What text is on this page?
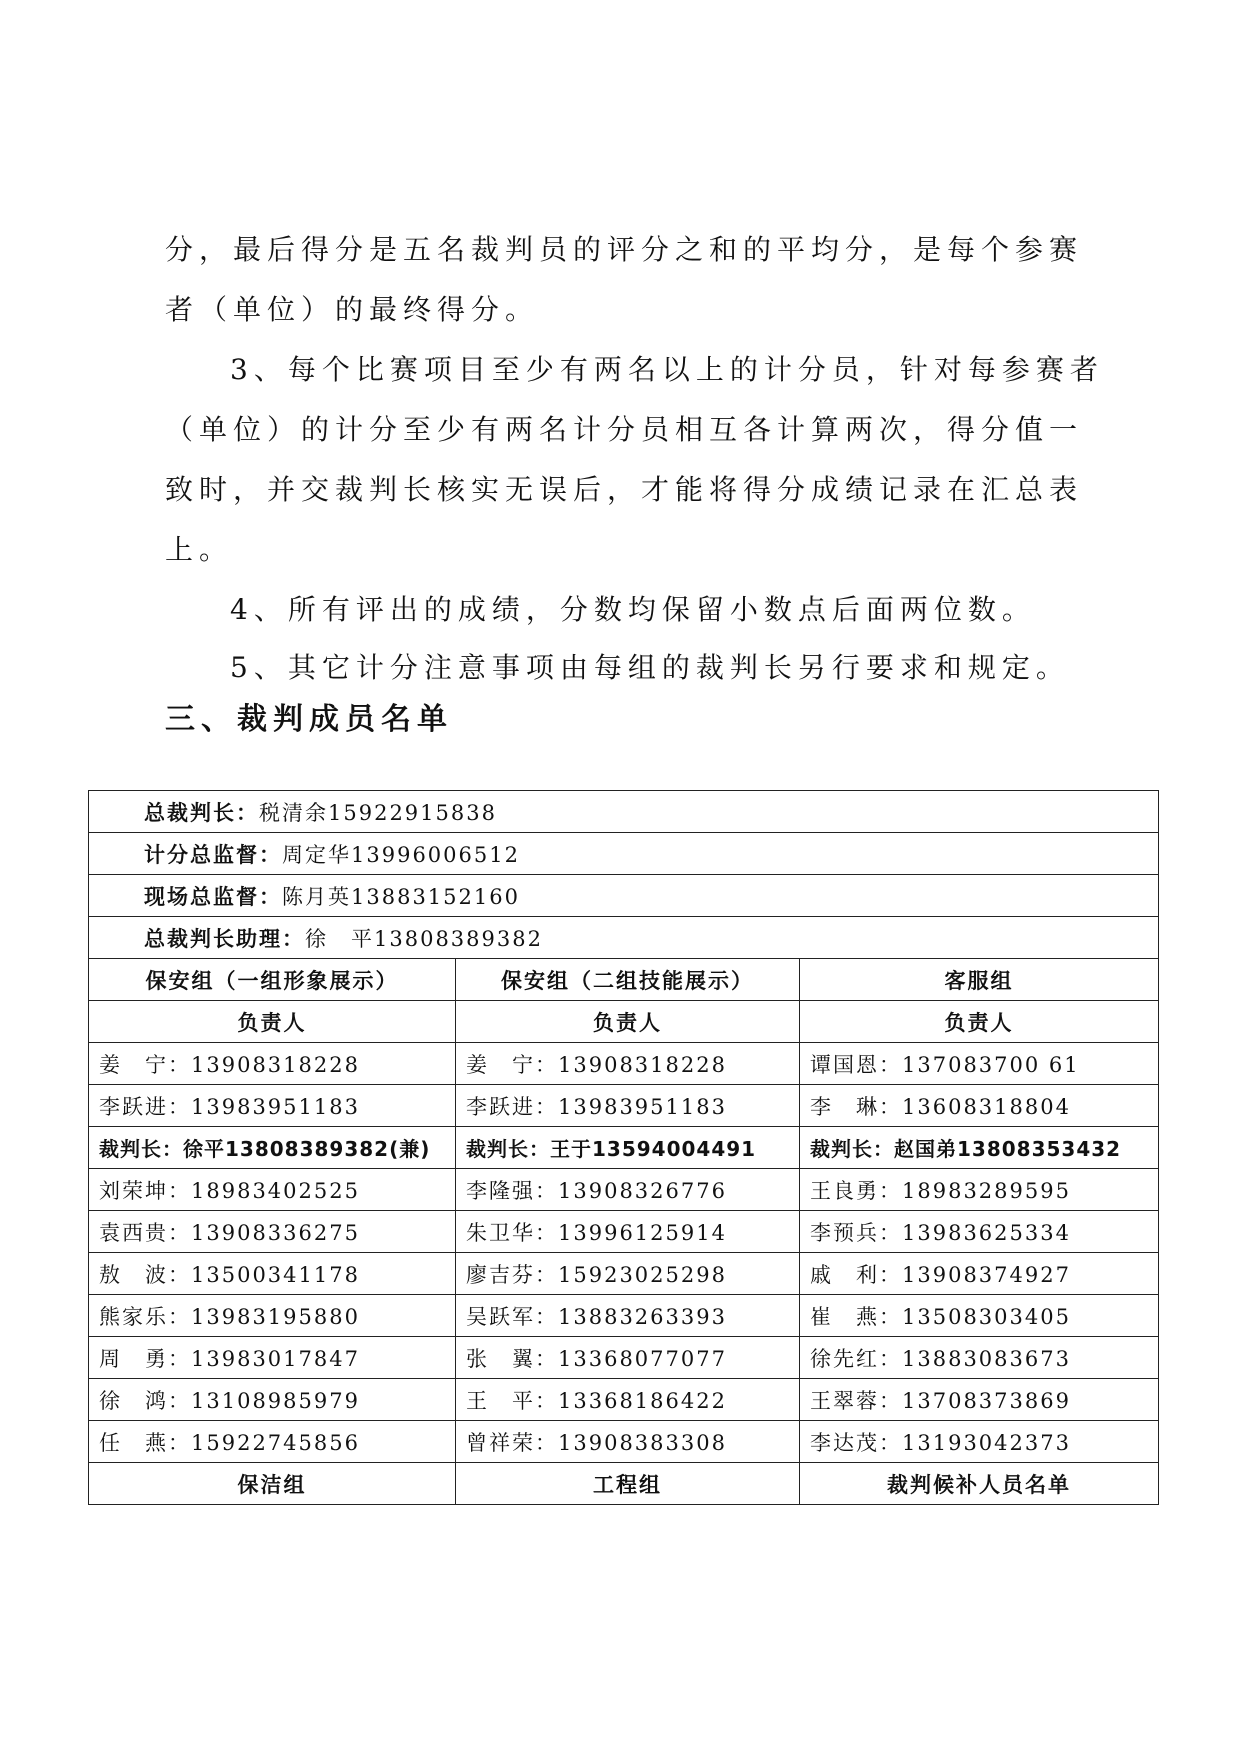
分，最后得分是五名裁判员的评分之和的平均分，是每个参赛
者（单位）的最终得分。
3、每个比赛项目至少有两名以上的计分员，针对每参赛者
（单位）的计分至少有两名计分员相互各计算两次，得分值一
致时，并交裁判长核实无误后，才能将得分成绩记录在汇总表
上。
4、所有评出的成绩，分数均保留小数点后面两位数。
5、其它计分注意事项由每组的裁判长另行要求和规定。
三、裁判成员名单
总裁判长：税清余15922915838		
计分总监督：周定华13996006512		
现场总监督：陈月英13883152160		
总裁判长助理：徐　平13808389382		
保安组（一组形象展示）	保安组（二组技能展示）	客服组
负责人	负责人	负责人
姜　宁：13908318228	姜　宁：13908318228	谭国恩：137083700 61
李跃进：13983951183	李跃进：13983951183	李　琳：13608318804
裁判长：徐平13808389382(兼)	裁判长：王于13594004491	裁判长：赵国弟13808353432
刘荣坤：18983402525	李隆强：13908326776	王良勇：18983289595
袁西贵：13908336275	朱卫华：13996125914	李预兵：13983625334
敖　波：13500341178	廖吉芬：15923025298	戚　利：13908374927
熊家乐：13983195880	吴跃军：13883263393	崔　燕：13508303405
周　勇：13983017847	张　翼：13368077077	徐先红：13883083673
徐　鸿：13108985979	王　平：13368186422	王翠蓉：13708373869
任　燕：15922745856	曾祥荣：13908383308	李达茂：13193042373
保洁组	工程组	裁判候补人员名单
